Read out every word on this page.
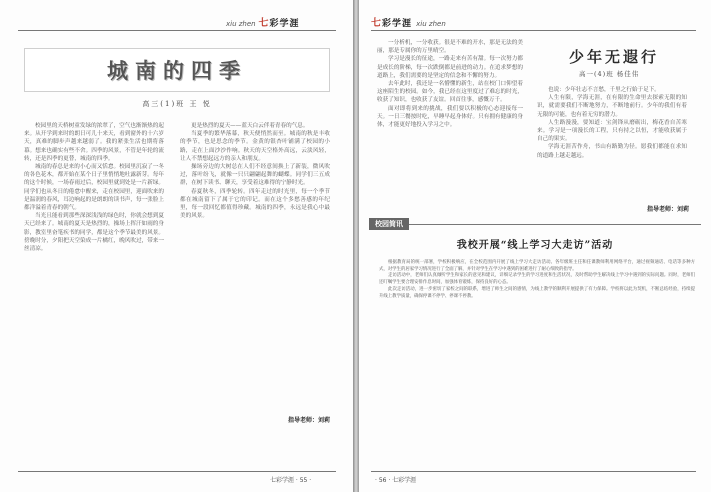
xiu zhen 七彩学涯
城南的四季
高三(1)班 王 悦

校园里的天桥树童发绿的浓翠了，空气也渐渐热的起来。从开学到来时的朗日可儿十来天，看到窗外的十六岁天，真难的脚步声越来越弱了。我的紧张生活也期将落幕。想来也确实有些不舍。四季的风景，不管是年轮的流转，还是四季的更替，城南的四季。

城南的春总是来的小心而又恬怠。校园里沉寂了一冬的各色花木，都开始在某个日子里悄悄地吐露新芽。每年的这个时候，一场春雨过后，校园里就到处是一片新绿。同学们也从冬日的倦怠中醒来，走在校园里，迎面吹来的是温润的春风，耳边响起的是朗朗的读书声，每一张脸上都洋溢着青春的朝气。

当光且能看到那些深深浅浅的绿色时，你就会想到夏天已经来了。城南的夏天是热烈的，操场上挥汗如雨的身影，教室里奋笔疾书的同学，都是这个季节最美的风景。傍晚时分，夕阳把天空染成一片橘红，晚风吹过，带来一丝清凉。

更是热烈的夏天——蓝天白云伴着青春的气息。

当夏季的繁华落幕，秋天便悄然而至。城南的秋是丰收的季节，也是思念的季节。金黄的银杏叶铺满了校园的小路，走在上面沙沙作响。秋天的天空格外高远，云淡风轻，让人不禁想起远方的亲人和朋友。

操场旁边的大树总在人们不经意间换上了新装，微风吹过，落叶纷飞，就像一只只翩翩起舞的蝴蝶。同学们三五成群，在树下读书、聊天，享受着这难得的宁静时光。

春夏秋冬，四季轮转。四年走过的时光里，每一个季节都在城南留下了属于它的印记。而在这个多愁善感的年纪里，每一段回忆都值得珍藏。城南的四季，永远是我心中最美的风景。

指导老师：刘莉
七彩学涯 · 55 ·
七彩学涯 xiu zhen

一分析机，一分收获。很是不难的开水，那是无法的美丽，那是专属你的万里晴空。

学习是漫长的征途，一路走来有苦有甜。每一次努力都是成长的阶梯，每一次跌倒都是前进的动力。在追求梦想的道路上，我们需要的是坚定的信念和不懈的努力。

去年此时，我还是一名懵懂的新生，站在校门口仰望着这座陌生的校园。如今，我已经在这里度过了难忘的时光，收获了知识，也收获了友谊。回首往事，感慨万千。

面对即将到来的挑战，我们要以积极的心态迎接每一天。一日三餐按时吃，早睡早起身体好。只有拥有健康的身体，才能更好地投入学习之中。

少年无遐行
高一(4)班 杨佳伟

也说：少年壮志不言愁，千里之行始于足下。

人生有限，学海无涯，在有限的生命里去探索无限的知识，就需要我们不断地努力，不断地前行。少年的我们有着无限的可能，也有着无穷的潜力。

人生路漫漫，要知道：宝剑锋从磨砺出，梅花香自苦寒来。学习是一项漫长的工程，只有持之以恒，才能收获属于自己的果实。

学海无涯苦作舟，书山有路勤为径。愿我们都能在求知的道路上越走越远。

指导老师：刘莉
校园简讯
我校开展“线上学习大走访”活动

根据教育局的统一部署，学校积极响应，在全校范围内开展了线上学习大走访活动。各年级班主任和任课教师利用网络平台，通过视频通话、电话等多种方式，对学生的居家学习情况进行了全面了解，并针对学生在学习中遇到的困难进行了耐心细致的指导。

走访活动中，老师们认真倾听学生和家长的意见和建议，详细记录学生的学习进度和生活状况，及时帮助学生解决线上学习中遇到的实际问题。同时，老师们还叮嘱学生要合理安排作息时间，加强体育锻炼，保持良好的心态。

此次走访活动，进一步密切了家校之间的联系，增进了师生之间的感情，为线上教学的顺利开展提供了有力保障。学校将以此为契机，不断总结经验，持续提升线上教学质量，确保停课不停学、停课不停教。

· 56 · 七彩学涯
